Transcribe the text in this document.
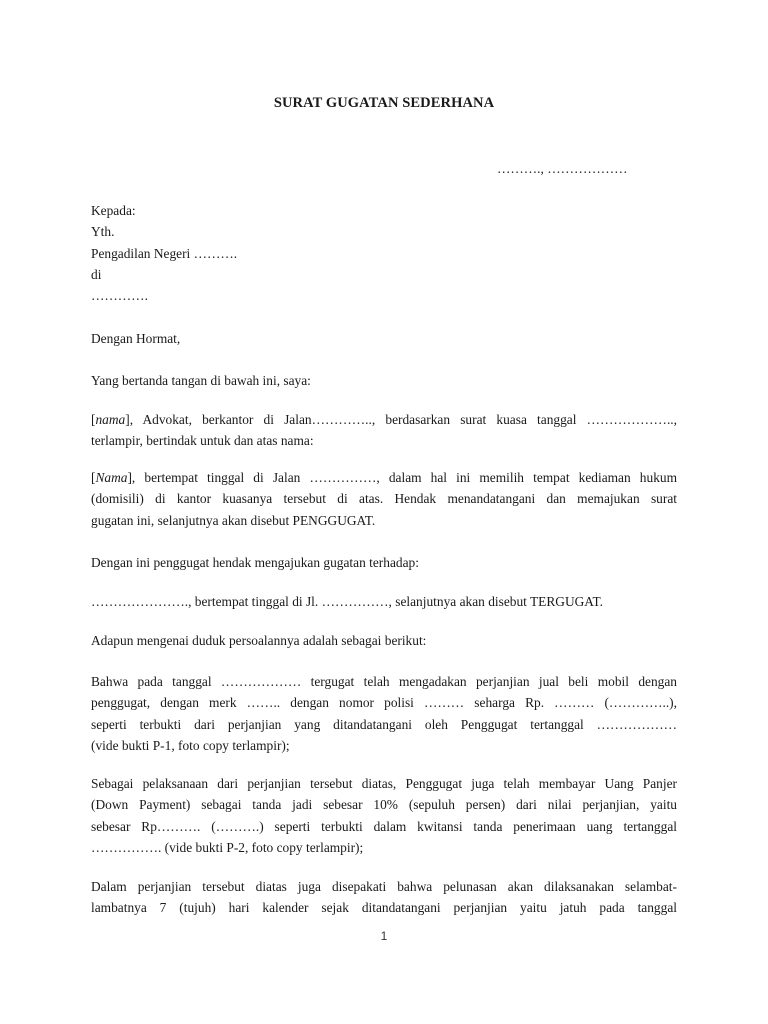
SURAT GUGATAN SEDERHANA
………., ………………
Kepada:
Yth.
Pengadilan Negeri ……….
di
………….
Dengan Hormat,
Yang bertanda tangan di bawah ini, saya:
[nama], Advokat, berkantor di Jalan………….., berdasarkan surat kuasa tanggal ………………..,
terlampir, bertindak untuk dan atas nama:
[Nama], bertempat tinggal di Jalan ……………, dalam hal ini memilih tempat kediaman hukum
(domisili) di kantor kuasanya tersebut di atas. Hendak menandatangani dan memajukan surat
gugatan ini, selanjutnya akan disebut PENGGUGAT.
Dengan ini penggugat hendak mengajukan gugatan terhadap:
…………………., bertempat tinggal di Jl. ……………, selanjutnya akan disebut TERGUGAT.
Adapun mengenai duduk persoalannya adalah sebagai berikut:
Bahwa pada tanggal ……………… tergugat telah mengadakan perjanjian jual beli mobil dengan
penggugat, dengan merk …….. dengan nomor polisi ……… seharga Rp. ……… (…………..),
seperti terbukti dari perjanjian yang ditandatangani oleh Penggugat tertanggal ………………
(vide bukti P-1, foto copy terlampir);
Sebagai pelaksanaan dari perjanjian tersebut diatas, Penggugat juga telah membayar Uang Panjer
(Down Payment) sebagai tanda jadi sebesar 10% (sepuluh persen) dari nilai perjanjian, yaitu
sebesar Rp………. (……….) seperti terbukti dalam kwitansi tanda penerimaan uang tertanggal
……………. (vide bukti P-2, foto copy terlampir);
Dalam perjanjian tersebut diatas juga disepakati bahwa pelunasan akan dilaksanakan selambat-
lambatnya 7 (tujuh) hari kalender sejak ditandatangani perjanjian yaitu jatuh pada tanggal
1
